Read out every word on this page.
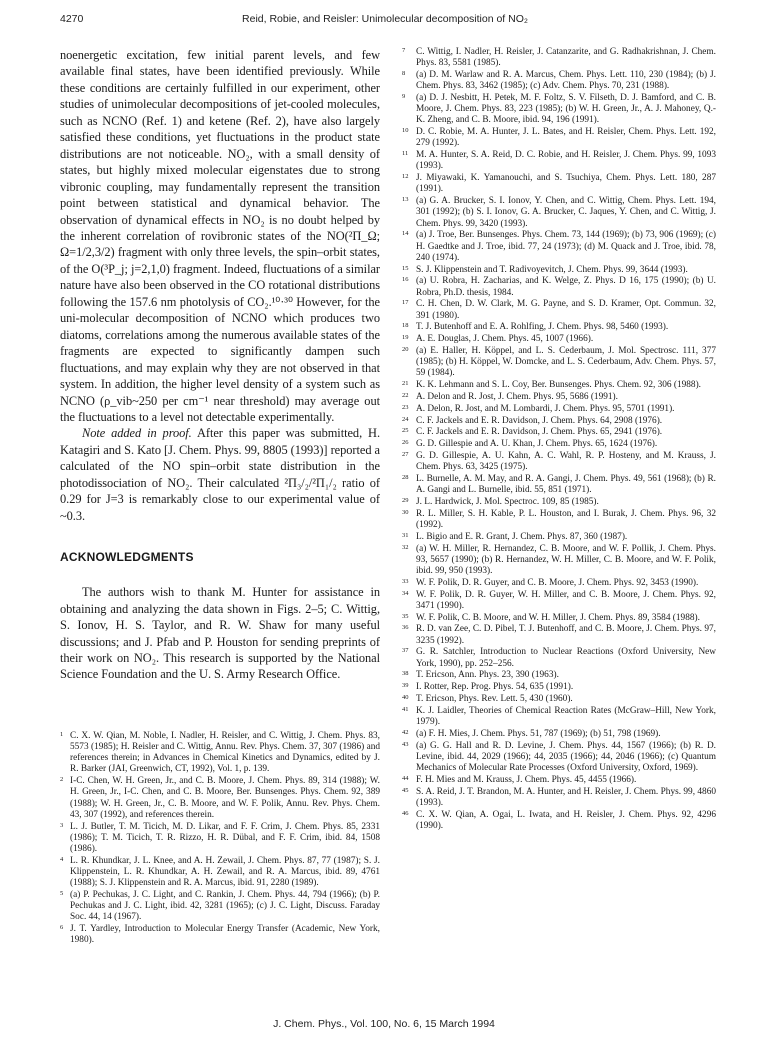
4270	Reid, Robie, and Reisler: Unimolecular decomposition of NO₂

noenergetic excitation, few initial parent levels, and few available final states, have been identified previously. While these conditions are certainly fulfilled in our experiment, other studies of unimolecular decompositions of jet-cooled molecules, such as NCNO (Ref. 1) and ketene (Ref. 2), have also largely satisfied these conditions, yet fluctuations in the product state distributions are not noticeable. NO₂, with a small density of states, but highly mixed molecular eigenstates due to strong vibronic coupling, may fundamentally represent the transition point between statistical and dynamical behavior. The observation of dynamical effects in NO₂ is no doubt helped by the inherent correlation of rovibronic states of the NO(²Π_Ω; Ω=1/2,3/2) fragment with only three levels, the spin–orbit states, of the O(³P_j; j=2,1,0) fragment. Indeed, fluctuations of a similar nature have also been observed in the CO rotational distributions following the 157.6 nm photolysis of CO₂.¹⁰·³⁰ However, for the uni-molecular decomposition of NCNO which produces two diatoms, correlations among the numerous available states of the fragments are expected to significantly dampen such fluctuations, and may explain why they are not observed in that system. In addition, the higher level density of a system such as NCNO (ρ_vib~250 per cm⁻¹ near threshold) may average out the fluctuations to a level not detectable experimentally.

Note added in proof. After this paper was submitted, H. Katagiri and S. Kato [J. Chem. Phys. 99, 8805 (1993)] reported a calculated of the NO spin–orbit state distribution in the photodissociation of NO₂. Their calculated ²Π₃/₂/²Π₁/₂ ratio of 0.29 for J=3 is remarkably close to our experimental value of ~0.3.

ACKNOWLEDGMENTS

The authors wish to thank M. Hunter for assistance in obtaining and analyzing the data shown in Figs. 2–5; C. Wittig, S. Ionov, H. S. Taylor, and R. W. Shaw for many useful discussions; and J. Pfab and P. Houston for sending preprints of their work on NO₂. This research is supported by the National Science Foundation and the U. S. Army Research Office.

1 C. X. W. Qian, M. Noble, I. Nadler, H. Reisler, and C. Wittig, J. Chem. Phys. 83, 5573 (1985); H. Reisler and C. Wittig, Annu. Rev. Phys. Chem. 37, 307 (1986) and references therein; in Advances in Chemical Kinetics and Dynamics, edited by J. R. Barker (JAI, Greenwich, CT, 1992), Vol. 1, p. 139.
2 I-C. Chen, W. H. Green, Jr., and C. B. Moore, J. Chem. Phys. 89, 314 (1988); W. H. Green, Jr., I-C. Chen, and C. B. Moore, Ber. Bunsenges. Phys. Chem. 92, 389 (1988); W. H. Green, Jr., C. B. Moore, and W. F. Polik, Annu. Rev. Phys. Chem. 43, 307 (1992), and references therein.
3 L. J. Butler, T. M. Ticich, M. D. Likar, and F. F. Crim, J. Chem. Phys. 85, 2331 (1986); T. M. Ticich, T. R. Rizzo, H. R. Dübal, and F. F. Crim, ibid. 84, 1508 (1986).
4 L. R. Khundkar, J. L. Knee, and A. H. Zewail, J. Chem. Phys. 87, 77 (1987); S. J. Klippenstein, L. R. Khundkar, A. H. Zewail, and R. A. Marcus, ibid. 89, 4761 (1988); S. J. Klippenstein and R. A. Marcus, ibid. 91, 2280 (1989).
5 (a) P. Pechukas, J. C. Light, and C. Rankin, J. Chem. Phys. 44, 794 (1966); (b) P. Pechukas and J. C. Light, ibid. 42, 3281 (1965); (c) J. C. Light, Discuss. Faraday Soc. 44, 14 (1967).
6 J. T. Yardley, Introduction to Molecular Energy Transfer (Academic, New York, 1980).
7 C. Wittig, I. Nadler, H. Reisler, J. Catanzarite, and G. Radhakrishnan, J. Chem. Phys. 83, 5581 (1985).
8 (a) D. M. Warlaw and R. A. Marcus, Chem. Phys. Lett. 110, 230 (1984); (b) J. Chem. Phys. 83, 3462 (1985); (c) Adv. Chem. Phys. 70, 231 (1988).
9 (a) D. J. Nesbitt, H. Petek, M. F. Foltz, S. V. Filseth, D. J. Bamford, and C. B. Moore, J. Chem. Phys. 83, 223 (1985); (b) W. H. Green, Jr., A. J. Mahoney, Q.- K. Zheng, and C. B. Moore, ibid. 94, 196 (1991).
10 D. C. Robie, M. A. Hunter, J. L. Bates, and H. Reisler, Chem. Phys. Lett. 192, 279 (1992).
11 M. A. Hunter, S. A. Reid, D. C. Robie, and H. Reisler, J. Chem. Phys. 99, 1093 (1993).
12 J. Miyawaki, K. Yamanouchi, and S. Tsuchiya, Chem. Phys. Lett. 180, 287 (1991).
13 (a) G. A. Brucker, S. I. Ionov, Y. Chen, and C. Wittig, Chem. Phys. Lett. 194, 301 (1992); (b) S. I. Ionov, G. A. Brucker, C. Jaques, Y. Chen, and C. Wittig, J. Chem. Phys. 99, 3420 (1993).
14 (a) J. Troe, Ber. Bunsenges. Phys. Chem. 73, 144 (1969); (b) 73, 906 (1969); (c) H. Gaedtke and J. Troe, ibid. 77, 24 (1973); (d) M. Quack and J. Troe, ibid. 78, 240 (1974).
15 S. J. Klippenstein and T. Radivoyevitch, J. Chem. Phys. 99, 3644 (1993).
16 (a) U. Robra, H. Zacharias, and K. Welge, Z. Phys. D 16, 175 (1990); (b) U. Robra, Ph.D. thesis, 1984.
17 C. H. Chen, D. W. Clark, M. G. Payne, and S. D. Kramer, Opt. Commun. 32, 391 (1980).
18 T. J. Butenhoff and E. A. Rohlfing, J. Chem. Phys. 98, 5460 (1993).
19 A. E. Douglas, J. Chem. Phys. 45, 1007 (1966).
20 (a) E. Haller, H. Köppel, and L. S. Cederbaum, J. Mol. Spectrosc. 111, 377 (1985); (b) H. Köppel, W. Domcke, and L. S. Cederbaum, Adv. Chem. Phys. 57, 59 (1984).
21 K. K. Lehmann and S. L. Coy, Ber. Bunsenges. Phys. Chem. 92, 306 (1988).
22 A. Delon and R. Jost, J. Chem. Phys. 95, 5686 (1991).
23 A. Delon, R. Jost, and M. Lombardi, J. Chem. Phys. 95, 5701 (1991).
24 C. F. Jackels and E. R. Davidson, J. Chem. Phys. 64, 2908 (1976).
25 C. F. Jackels and E. R. Davidson, J. Chem. Phys. 65, 2941 (1976).
26 G. D. Gillespie and A. U. Khan, J. Chem. Phys. 65, 1624 (1976).
27 G. D. Gillespie, A. U. Kahn, A. C. Wahl, R. P. Hosteny, and M. Krauss, J. Chem. Phys. 63, 3425 (1975).
28 L. Burnelle, A. M. May, and R. A. Gangi, J. Chem. Phys. 49, 561 (1968); (b) R. A. Gangi and L. Burnelle, ibid. 55, 851 (1971).
29 J. L. Hardwick, J. Mol. Spectroc. 109, 85 (1985).
30 R. L. Miller, S. H. Kable, P. L. Houston, and I. Burak, J. Chem. Phys. 96, 32 (1992).
31 L. Bigio and E. R. Grant, J. Chem. Phys. 87, 360 (1987).
32 (a) W. H. Miller, R. Hernandez, C. B. Moore, and W. F. Pollik, J. Chem. Phys. 93, 5657 (1990); (b) R. Hernandez, W. H. Miller, C. B. Moore, and W. F. Polik, ibid. 99, 950 (1993).
33 W. F. Polik, D. R. Guyer, and C. B. Moore, J. Chem. Phys. 92, 3453 (1990).
34 W. F. Polik, D. R. Guyer, W. H. Miller, and C. B. Moore, J. Chem. Phys. 92, 3471 (1990).
35 W. F. Polik, C. B. Moore, and W. H. Miller, J. Chem. Phys. 89, 3584 (1988).
36 R. D. van Zee, C. D. Pibel, T. J. Butenhoff, and C. B. Moore, J. Chem. Phys. 97, 3235 (1992).
37 G. R. Satchler, Introduction to Nuclear Reactions (Oxford University, New York, 1990), pp. 252–256.
38 T. Ericson, Ann. Phys. 23, 390 (1963).
39 I. Rotter, Rep. Prog. Phys. 54, 635 (1991).
40 T. Ericson, Phys. Rev. Lett. 5, 430 (1960).
41 K. J. Laidler, Theories of Chemical Reaction Rates (McGraw–Hill, New York, 1979).
42 (a) F. H. Mies, J. Chem. Phys. 51, 787 (1969); (b) 51, 798 (1969).
43 (a) G. G. Hall and R. D. Levine, J. Chem. Phys. 44, 1567 (1966); (b) R. D. Levine, ibid. 44, 2029 (1966); 44, 2035 (1966); 44, 2046 (1966); (c) Quantum Mechanics of Molecular Rate Processes (Oxford University, Oxford, 1969).
44 F. H. Mies and M. Krauss, J. Chem. Phys. 45, 4455 (1966).
45 S. A. Reid, J. T. Brandon, M. A. Hunter, and H. Reisler, J. Chem. Phys. 99, 4860 (1993).
46 C. X. W. Qian, A. Ogai, L. Iwata, and H. Reisler, J. Chem. Phys. 92, 4296 (1990).
J. Chem. Phys., Vol. 100, No. 6, 15 March 1994
